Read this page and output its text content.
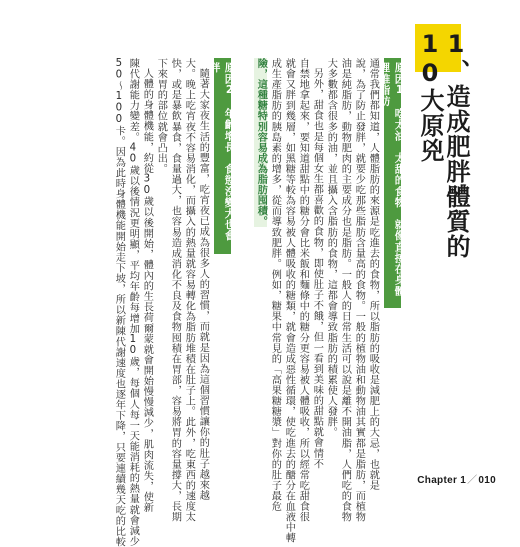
1、造成肥胖體質的10大原兇
原因1、吃太油、太甜的食物，就像直接在身體裡堆脂肪
通常我們都知道，人體脂肪的來源是吃進去的食物，所以脂肪的吸收是減肥上的大忌，也就是
說，為了防止發胖，就要少吃那些脂肪含量高的食物。一般的植物油和動物油其實都是脂肪，而植物
油是純脂肪，動物肥肉的主要成分也是脂肪。一般人的日常生活可以說是離不開油脂，人們吃的食物
大多數都含很多的油，並且攝入含脂肪的食物，這都會導致脂肪的積累使人發胖。
另外，甜食也是每個女生都喜歡的食物，即使肚子不餓，但一看到美味的甜點就會情不
自禁地拿起來，要知道甜點中的糖分會比米飯和麵條中的糖分更容易被人體吸收，所以經常吃甜食很
就會又胖到幾層，如黑糖等較為容易被人體吸收的糖類，就會造成惡性循環，使吃進去的醣分在血液中轉
成生產脂肪的胰島素的增多，從而導致肥胖。例如，糖果中常見的「高果糖糖漿」對你的肚子最危
險，這種糖特別容易成為脂肪囤積。
原因2、年齡增長，食慾沒變大也會胖
隨著大家夜生活的豐富，吃宵夜已成為很多人的習慣，而就是因為這個習慣讓你的肚子越來越
大。晚上吃宵夜不容易消化，而攝入的熱量就容易轉化為脂肪堆積在肚子上。此外，吃東西的速度太
快，或是暴飲暴食，食量過大，也容易造成消化不良及食物囤積在胃部，容易將胃的容量撐大，長期
下來胃的部位就會凸出。
人體的身體機能，約從30歲以後開始，體內的生長荷爾蒙就會開始慢慢減少，肌肉流失，使新
陳代謝能力變差。40歲以後情況更明顯，平均年齡每增加10歲，每個人每一天能消耗的熱量就會減少
50～100卡。因為此時身體機能開始走下坡，所以新陳代謝速度也逐年下降，只要連續幾天吃的比較	Chapter 1／010
